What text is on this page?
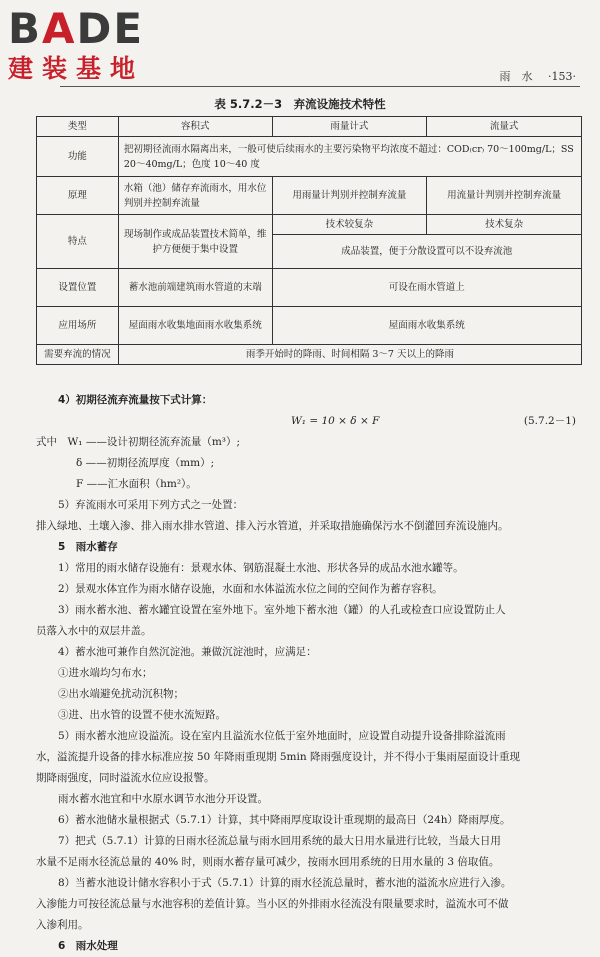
BADE
建装基地	雨　水 ·153·
表 5.7.2－3　弃流设施技术特性
类型	容积式	雨量计式	流量式
功能	把初期径流雨水隔离出来，一般可使后续雨水的主要污染物平均浓度不超过：COD₍cr₎ 70～100mg/L；SS 20～40mg/L；色度 10～40 度		
原理	水箱（池）储存弃流雨水，用水位判别并控制弃流量	用雨量计判别并控制弃流量	用流量计判别并控制弃流量
特点	现场制作或成品装置技术简单，维护方便便于集中设置	技术较复杂	技术复杂
		成品装置，便于分散设置可以不设弃流池	
设置位置	蓄水池前端建筑雨水管道的末端	可设在雨水管道上	
应用场所	屋面雨水收集地面雨水收集系统	屋面雨水收集系统	
需要弃流的情况	雨季开始时的降雨、时间相隔 3～7 天以上的降雨		

4）初期径流弃流量按下式计算：

W₁ = 10 × δ × F	(5.7.2－1)

式中　W₁ ——设计初期径流弃流量（m³）;

δ ——初期径流厚度（mm）;

F ——汇水面积（hm²）。

5）弃流雨水可采用下列方式之一处置：

排入绿地、土壤入渗、排入雨水排水管道、排入污水管道，并采取措施确保污水不倒灌回弃流设施内。

5　雨水蓄存

1）常用的雨水储存设施有：景观水体、钢筋混凝土水池、形状各异的成品水池水罐等。

2）景观水体宜作为雨水储存设施，水面和水体溢流水位之间的空间作为蓄存容积。

3）雨水蓄水池、蓄水罐宜设置在室外地下。室外地下蓄水池（罐）的人孔或检查口应设置防止人

员落入水中的双层井盖。

4）蓄水池可兼作自然沉淀池。兼做沉淀池时，应满足：

①进水端均匀布水；

②出水端避免扰动沉积物；

③进、出水管的设置不使水流短路。

5）雨水蓄水池应设溢流。设在室内且溢流水位低于室外地面时，应设置自动提升设备排除溢流雨

水，溢流提升设备的排水标准应按 50 年降雨重现期 5min 降雨强度设计，并不得小于集雨屋面设计重现

期降雨强度，同时溢流水位应设报警。

雨水蓄水池宜和中水原水调节水池分开设置。

6）蓄水池储水量根据式（5.7.1）计算，其中降雨厚度取设计重现期的最高日（24h）降雨厚度。

7）把式（5.7.1）计算的日雨水径流总量与雨水回用系统的最大日用水量进行比较，当最大日用

水量不足雨水径流总量的 40% 时，则雨水蓄存量可减少，按雨水回用系统的日用水量的 3 倍取值。

8）当蓄水池设计储水容积小于式（5.7.1）计算的雨水径流总量时，蓄水池的溢流水应进行入渗。

入渗能力可按径流总量与水池容积的差值计算。当小区的外排雨水径流没有限量要求时，溢流水可不做

入渗利用。

6　雨水处理
